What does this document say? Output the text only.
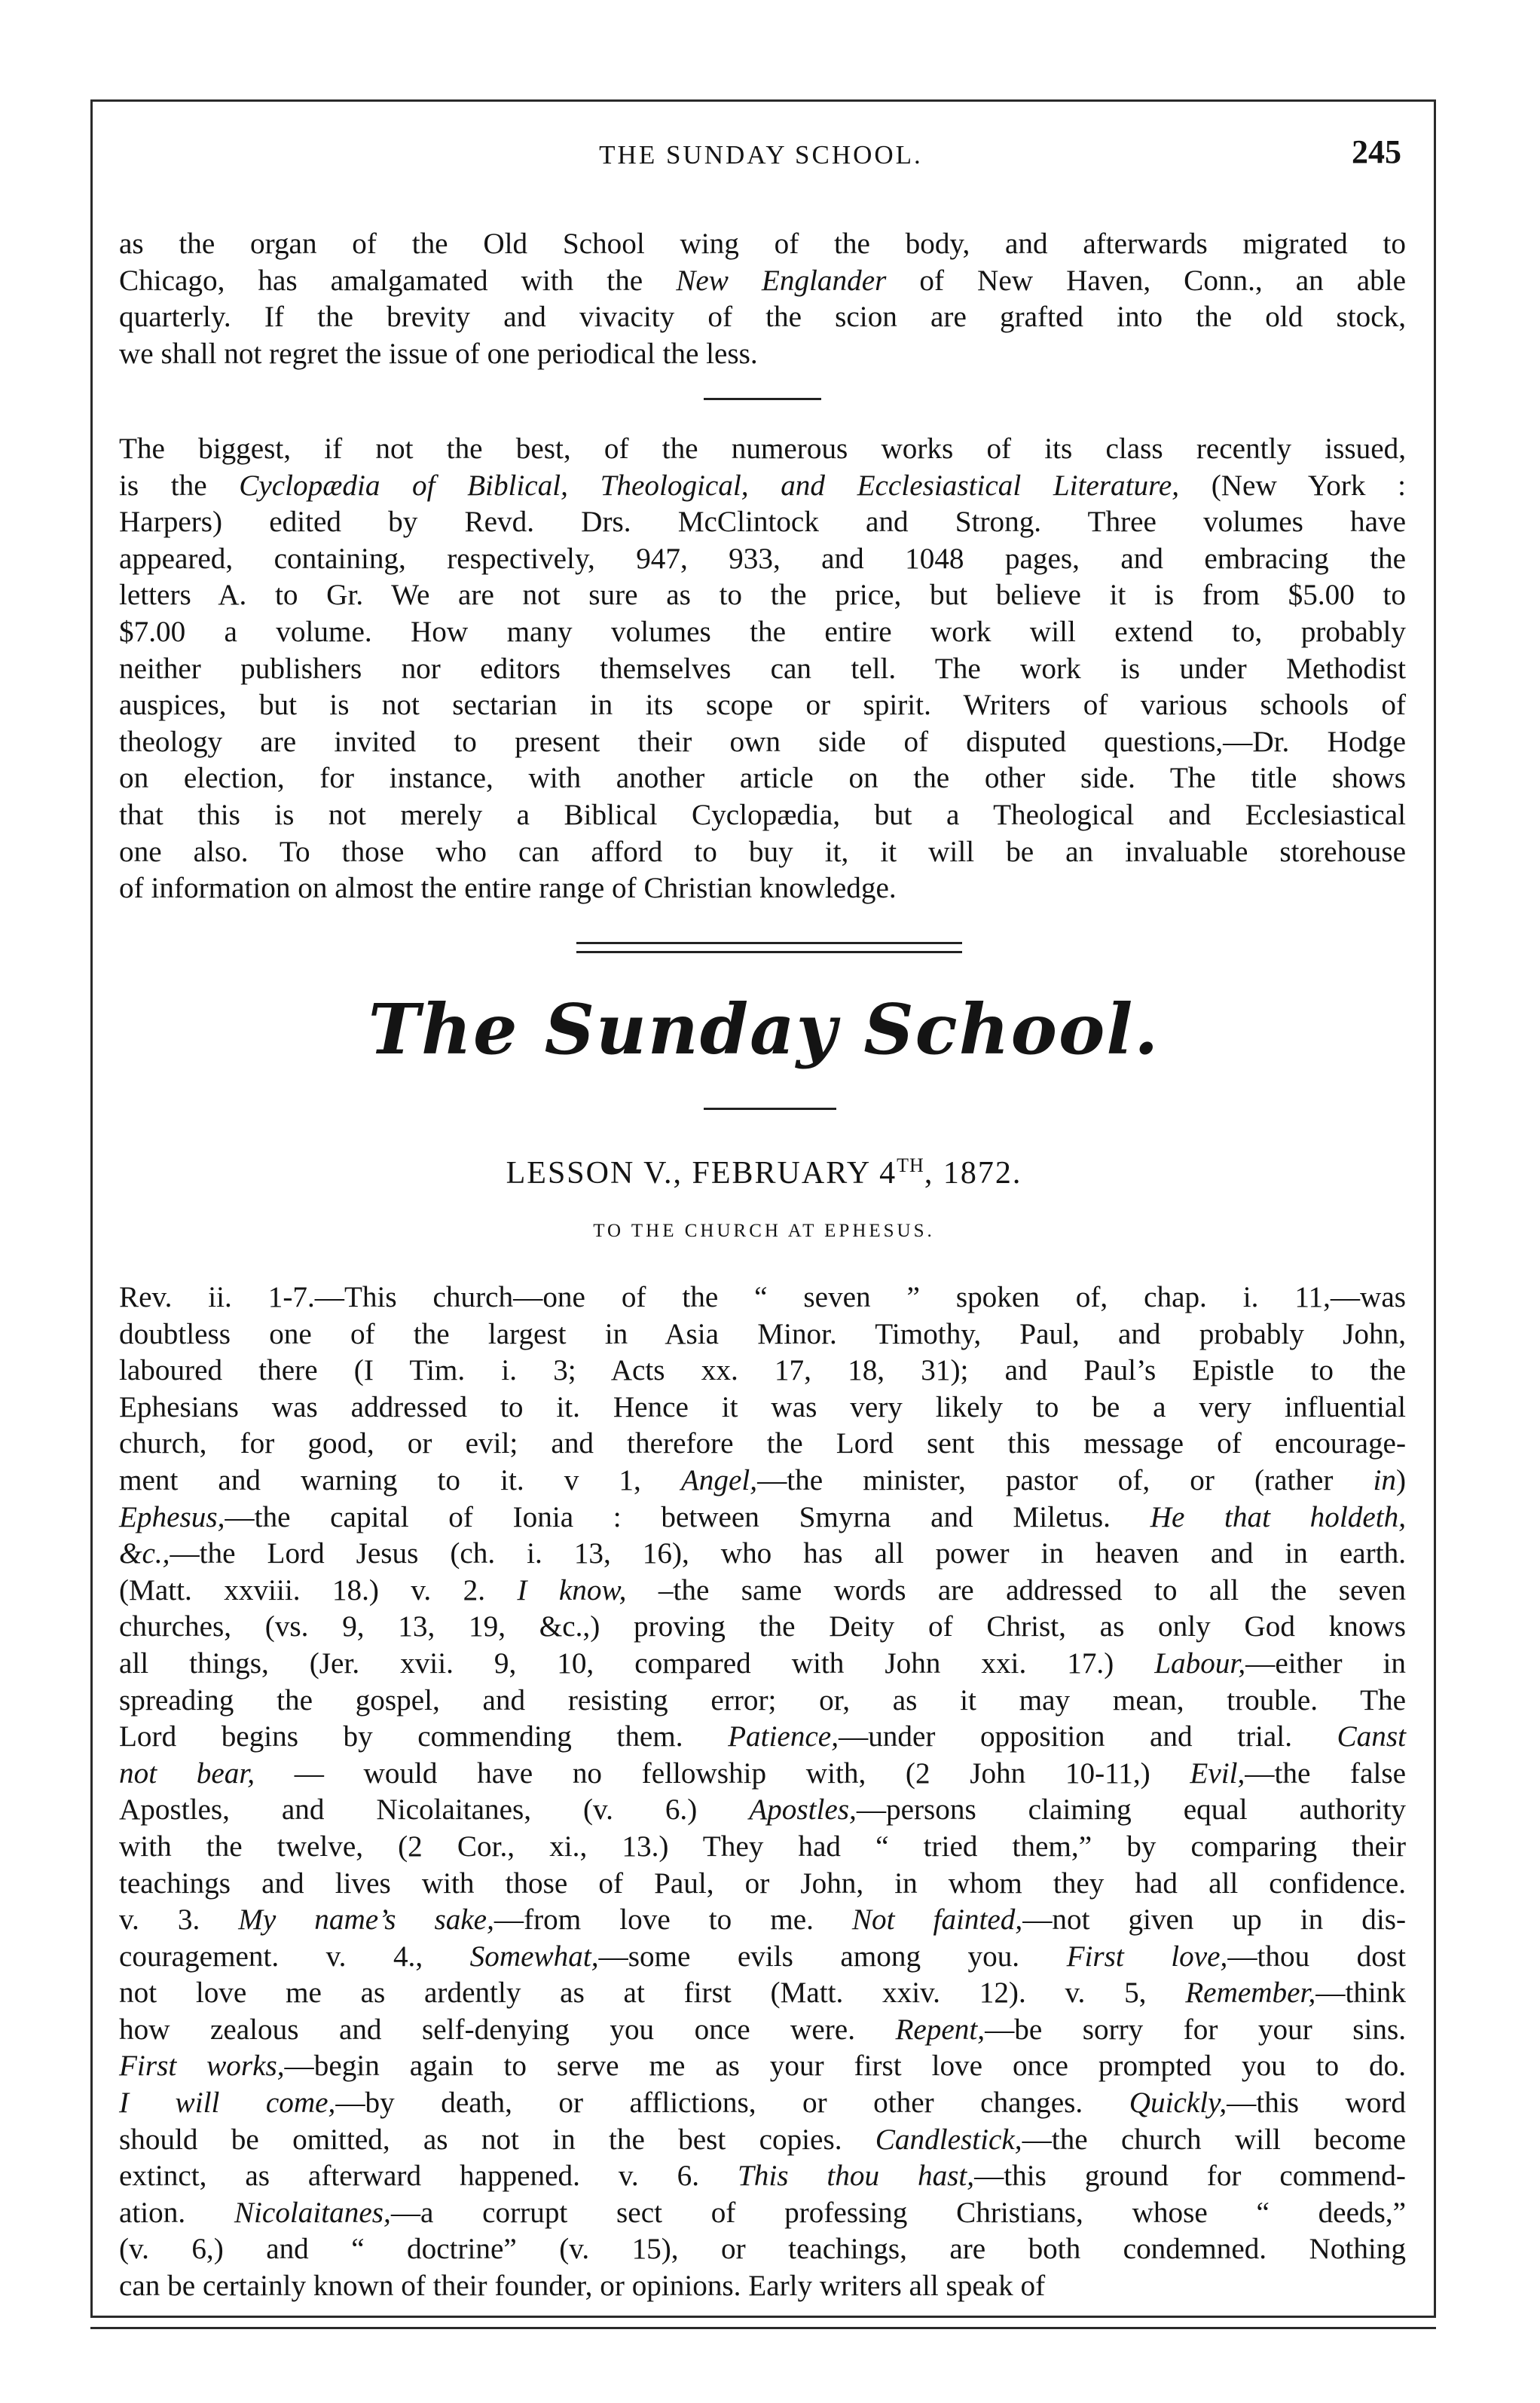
THE SUNDAY SCHOOL.	245
as the organ of the Old School wing of the body, and afterwards migrated to
Chicago, has amalgamated with the New Englander of New Haven, Conn., an able
quarterly. If the brevity and vivacity of the scion are grafted into the old stock,
we shall not regret the issue of one periodical the less.
The biggest, if not the best, of the numerous works of its class recently issued,
is the Cyclopædia of Biblical, Theological, and Ecclesiastical Literature, (New York :
Harpers) edited by Revd. Drs. McClintock and Strong. Three volumes have
appeared, containing, respectively, 947, 933, and 1048 pages, and embracing the
letters A. to Gr. We are not sure as to the price, but believe it is from $5.00 to
$7.00 a volume. How many volumes the entire work will extend to, probably
neither publishers nor editors themselves can tell. The work is under Methodist
auspices, but is not sectarian in its scope or spirit. Writers of various schools of
theology are invited to present their own side of disputed questions,—Dr. Hodge
on election, for instance, with another article on the other side. The title shows
that this is not merely a Biblical Cyclopædia, but a Theological and Ecclesiastical
one also. To those who can afford to buy it, it will be an invaluable storehouse
of information on almost the entire range of Christian knowledge.
The Sunday School.
LESSON V., FEBRUARY 4TH, 1872.
TO THE CHURCH AT EPHESUS.
Rev. ii. 1-7.—This church—one of the “ seven ” spoken of, chap. i. 11,—was
doubtless one of the largest in Asia Minor. Timothy, Paul, and probably John,
laboured there (I Tim. i. 3; Acts xx. 17, 18, 31); and Paul’s Epistle to the
Ephesians was addressed to it. Hence it was very likely to be a very influential
church, for good, or evil; and therefore the Lord sent this message of encourage-
ment and warning to it. v 1, Angel,—the minister, pastor of, or (rather in)
Ephesus,—the capital of Ionia : between Smyrna and Miletus. He that holdeth,
&c.,—the Lord Jesus (ch. i. 13, 16), who has all power in heaven and in earth.
(Matt. xxviii. 18.) v. 2. I know, –the same words are addressed to all the seven
churches, (vs. 9, 13, 19, &c.,) proving the Deity of Christ, as only God knows
all things, (Jer. xvii. 9, 10, compared with John xxi. 17.) Labour,—either in
spreading the gospel, and resisting error; or, as it may mean, trouble. The
Lord begins by commending them. Patience,—under opposition and trial. Canst
not bear, — would have no fellowship with, (2 John 10-11,) Evil,—the false
Apostles, and Nicolaitanes, (v. 6.) Apostles,—persons claiming equal authority
with the twelve, (2 Cor., xi., 13.) They had “ tried them,” by comparing their
teachings and lives with those of Paul, or John, in whom they had all confidence.
v. 3. My name’s sake,—from love to me. Not fainted,—not given up in dis-
couragement. v. 4., Somewhat,—some evils among you. First love,—thou dost
not love me as ardently as at first (Matt. xxiv. 12). v. 5, Remember,—think
how zealous and self-denying you once were. Repent,—be sorry for your sins.
First works,—begin again to serve me as your first love once prompted you to do.
I will come,—by death, or afflictions, or other changes. Quickly,—this word
should be omitted, as not in the best copies. Candlestick,—the church will become
extinct, as afterward happened. v. 6. This thou hast,—this ground for commend-
ation. Nicolaitanes,—a corrupt sect of professing Christians, whose “ deeds,”
(v. 6,) and “ doctrine” (v. 15), or teachings, are both condemned. Nothing
can be certainly known of their founder, or opinions. Early writers all speak of
